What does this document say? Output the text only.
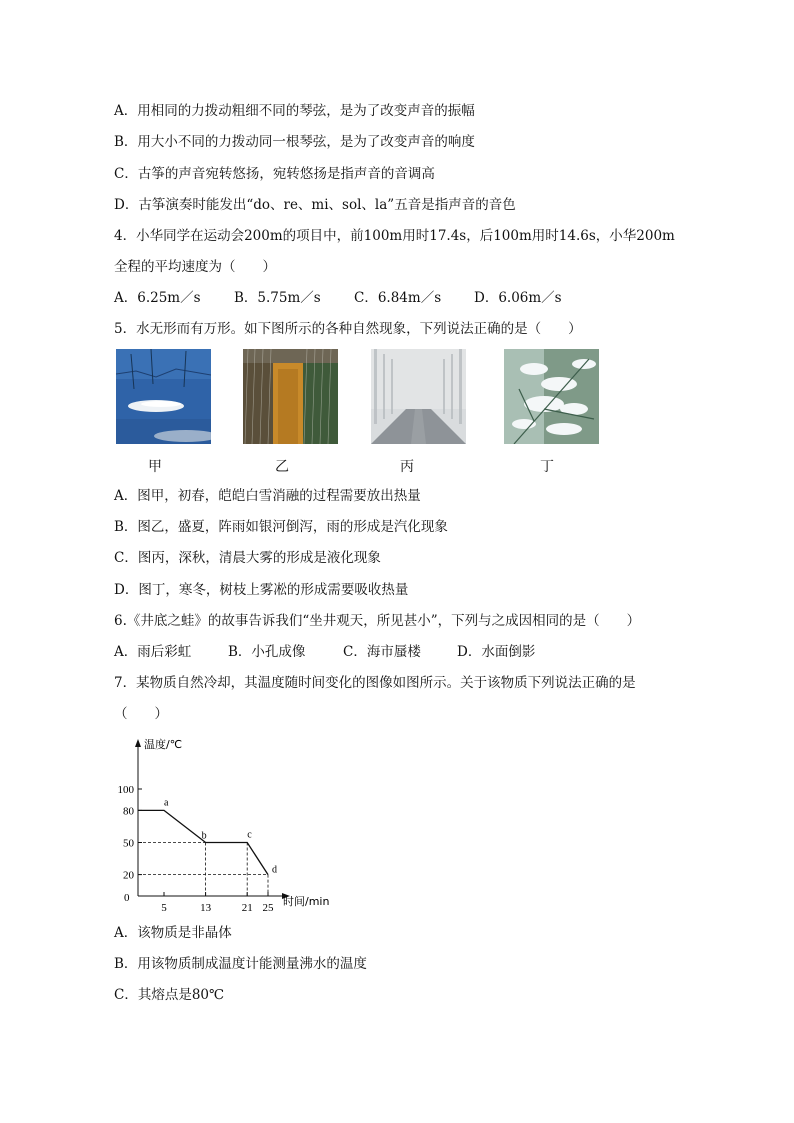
A．用相同的力拨动粗细不同的琴弦，是为了改变声音的振幅
B．用大小不同的力拨动同一根琴弦，是为了改变声音的响度
C．古筝的声音宛转悠扬，宛转悠扬是指声音的音调高
D．古筝演奏时能发出“do、re、mi、sol、la”五音是指声音的音色
4．小华同学在运动会200m的项目中，前100m用时17.4s，后100m用时14.6s，小华200m
全程的平均速度为（　　）
A．6.25m／s B．5.75m／s C．6.84m／s D．6.06m／s
5．水无形而有万形。如下图所示的各种自然现象，下列说法正确的是（　　）
甲	乙	丙	丁
A．图甲，初春，皑皑白雪消融的过程需要放出热量
B．图乙，盛夏，阵雨如银河倒泻，雨的形成是汽化现象
C．图丙，深秋，清晨大雾的形成是液化现象
D．图丁，寒冬，树枝上雾凇的形成需要吸收热量
6.《井底之蛙》的故事告诉我们“坐井观天，所见甚小”，下列与之成因相同的是（　　）
A．雨后彩虹	B．小孔成像	C．海市蜃楼	D．水面倒影
7．某物质自然冷却，其温度随时间变化的图像如图所示。关于该物质下列说法正确的是
（　　）
温度/℃
时间/min
0
20
50
80
100
5	13	21 25
a
b	c
d
A．该物质是非晶体
B．用该物质制成温度计能测量沸水的温度
C．其熔点是80℃
